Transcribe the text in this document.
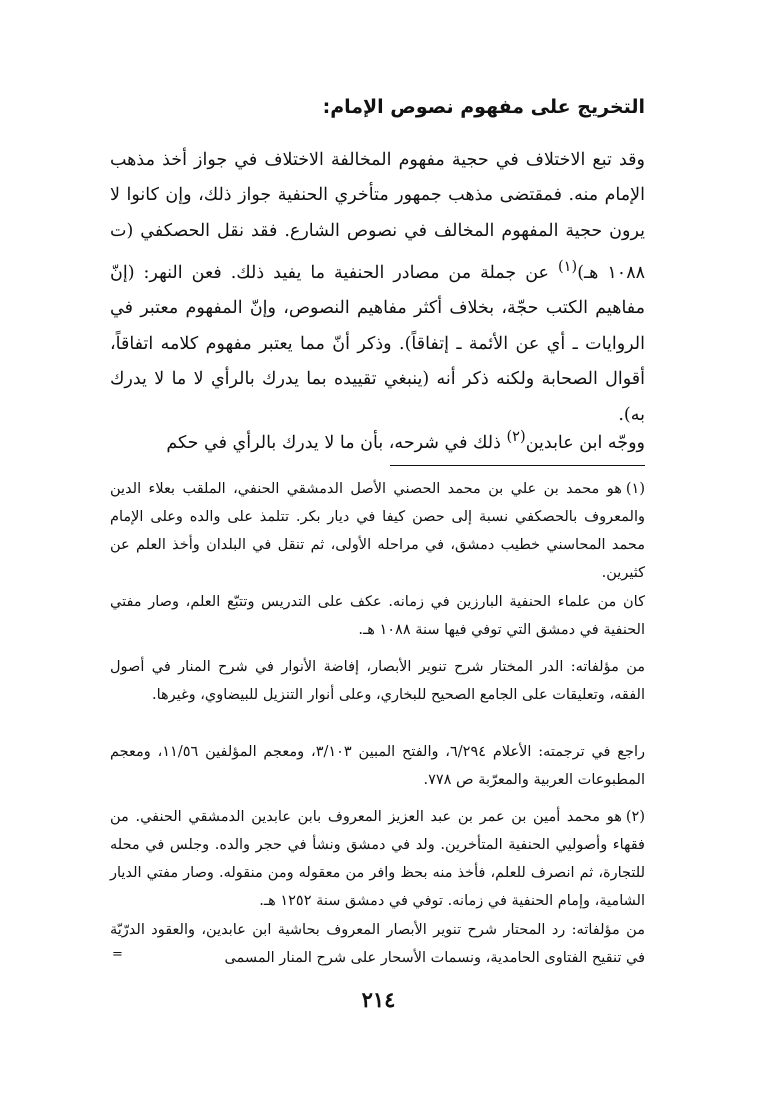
التخريج على مفهوم نصوص الإمام:
وقد تبع الاختلاف في حجية مفهوم المخالفة الاختلاف في جواز أخذ مذهب الإمام منه. فمقتضى مذهب جمهور متأخري الحنفية جواز ذلك، وإن كانوا لا يرون حجية المفهوم المخالف في نصوص الشارع. فقد نقل الحصكفي (ت ١٠٨٨ هـ)$^{(١)}$ عن جملة من مصادر الحنفية ما يفيد ذلك. فعن النهر: (إنّ مفاهيم الكتب حجّة، بخلاف أكثر مفاهيم النصوص، وإنّ المفهوم معتبر في الروايات ـ أي عن الأئمة ـ إتفاقاً). وذكر أنّ مما يعتبر مفهوم كلامه اتفاقاً، أقوال الصحابة ولكنه ذكر أنه (ينبغي تقييده بما يدرك بالرأي لا ما لا يدرك به).
ووجّه ابن عابدين$^{(٢)}$ ذلك في شرحه، بأن ما لا يدرك بالرأي في حكم
(١)هو محمد بن علي بن محمد الحصني الأصل الدمشقي الحنفي، الملقب بعلاء الدين والمعروف بالحصكفي نسبة إلى حصن كيفا في ديار بكر. تتلمذ على والده وعلى الإمام محمد المحاسني خطيب دمشق، في مراحله الأولى، ثم تنقل في البلدان وأخذ العلم عن كثيرين.
كان من علماء الحنفية البارزين في زمانه. عكف على التدريس وتتبّع العلم، وصار مفتي الحنفية في دمشق التي توفي فيها سنة ١٠٨٨ هـ.
من مؤلفاته: الدر المختار شرح تنوير الأبصار، إفاضة الأنوار في شرح المنار في أصول الفقه، وتعليقات على الجامع الصحيح للبخاري، وعلى أنوار التنزيل للبيضاوي، وغيرها.
راجع في ترجمته: الأعلام ٦/٢٩٤، والفتح المبين ٣/١٠٣، ومعجم المؤلفين ١١/٥٦، ومعجم المطبوعات العربية والمعرّبة ص ٧٧٨.
(٢)هو محمد أمين بن عمر بن عبد العزيز المعروف بابن عابدين الدمشقي الحنفي. من فقهاء وأصوليي الحنفية المتأخرين. ولد في دمشق ونشأ في حجر والده. وجلس في محله للتجارة، ثم انصرف للعلم، فأخذ منه بحظ وافر من معقوله ومن منقوله. وصار مفتي الديار الشامية، وإمام الحنفية في زمانه. توفي في دمشق سنة ١٢٥٢ هـ.
من مؤلفاته: رد المحتار شرح تنوير الأبصار المعروف بحاشية ابن عابدين، والعقود الدرّيّة في تنقيح الفتاوى الحامدية، ونسمات الأسحار على شرح المنار المسمى
=
٢١٤
